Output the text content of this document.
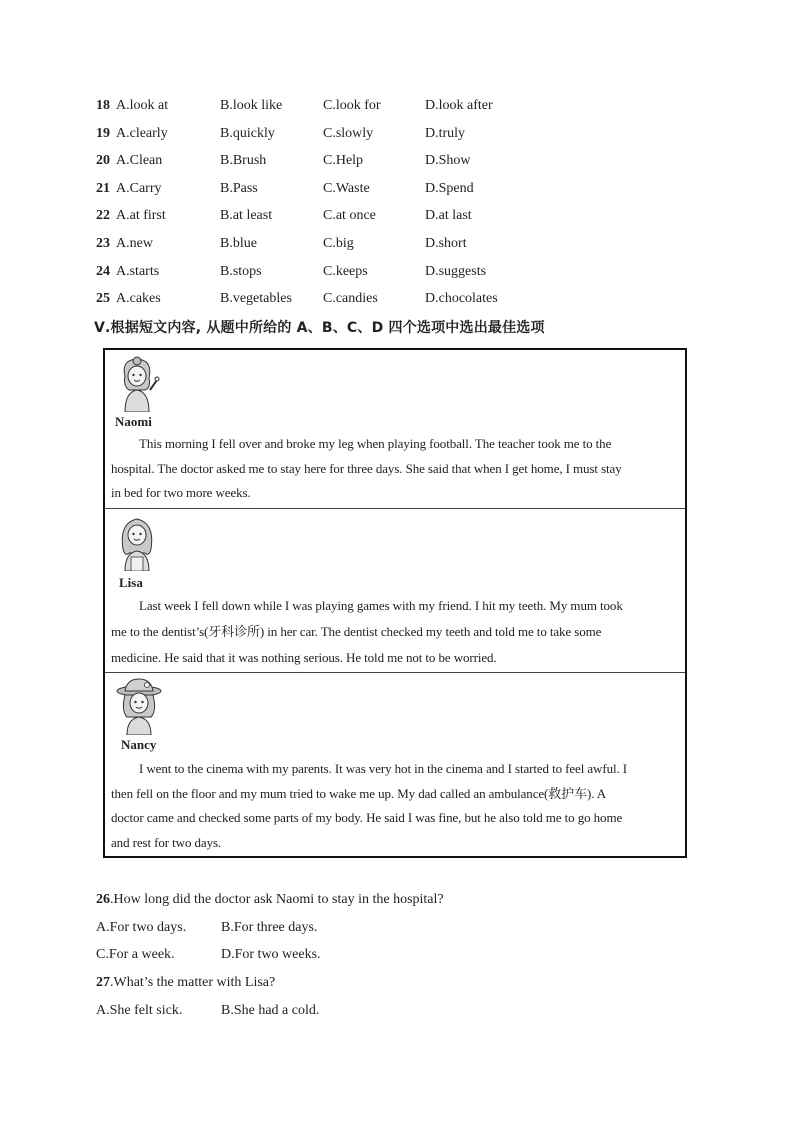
18 A.look at	B.look like	C.look for	D.look after
19 A.clearly	B.quickly	C.slowly	D.truly
20 A.Clean	B.Brush	C.Help	D.Show
21 A.Carry	B.Pass	C.Waste	D.Spend
22 A.at first	B.at least	C.at once	D.at last
23 A.new	B.blue	C.big	D.short
24 A.starts	B.stops	C.keeps	D.suggests
25 A.cakes	B.vegetables C.candies	D.chocolates
Ⅴ.根据短文内容, 从题中所给的 A、B、C、D 四个选项中选出最佳选项
Naomi
This morning I fell over and broke my leg when playing football. The teacher took me to the
hospital. The doctor asked me to stay here for three days. She said that when I get home, I must stay
in bed for two more weeks.
Lisa
Last week I fell down while I was playing games with my friend. I hit my teeth. My mum took
me to the dentist’s(牙科诊所) in her car. The dentist checked my teeth and told me to take some
medicine. He said that it was nothing serious. He told me not to be worried.
Nancy
I went to the cinema with my parents. It was very hot in the cinema and I started to feel awful. I
then fell on the floor and my mum tried to wake me up. My dad called an ambulance(救护车). A
doctor came and checked some parts of my body. He said I was fine, but he also told me to go home
and rest for two days.
26.How long did the doctor ask Naomi to stay in the hospital?
A.For two days. B.For three days.
C.For a week.	D.For two weeks.
27.What’s the matter with Lisa?
A.She felt sick.	B.She had a cold.
